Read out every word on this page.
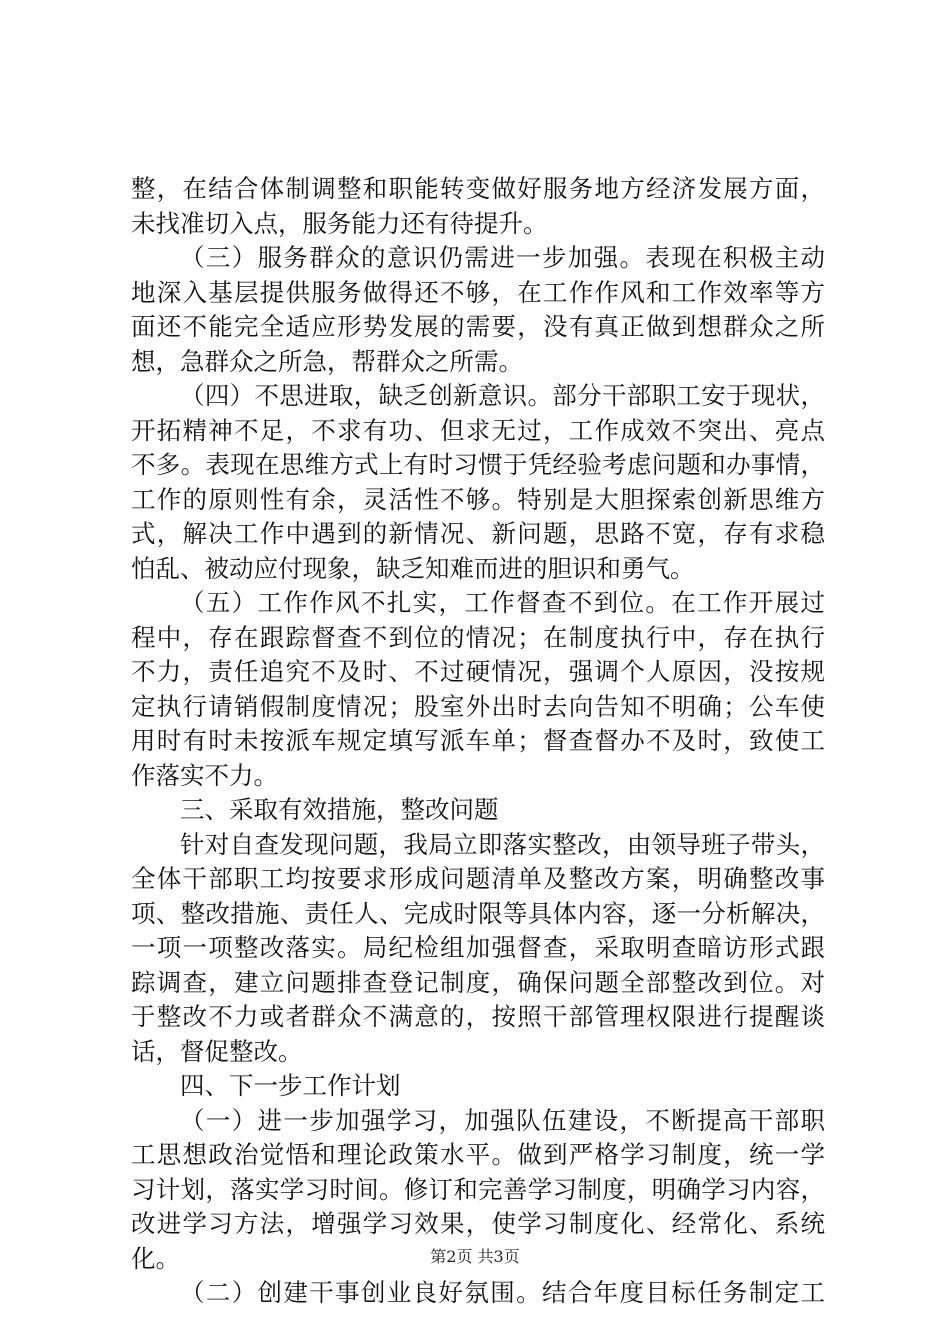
整，在结合体制调整和职能转变做好服务地方经济发展方面，
未找准切入点，服务能力还有待提升。
（三）服务群众的意识仍需进一步加强。表现在积极主动
地深入基层提供服务做得还不够，在工作作风和工作效率等方
面还不能完全适应形势发展的需要，没有真正做到想群众之所
想，急群众之所急，帮群众之所需。
（四）不思进取，缺乏创新意识。部分干部职工安于现状，
开拓精神不足，不求有功、但求无过，工作成效不突出、亮点
不多。表现在思维方式上有时习惯于凭经验考虑问题和办事情，
工作的原则性有余，灵活性不够。特别是大胆探索创新思维方
式，解决工作中遇到的新情况、新问题，思路不宽，存有求稳
怕乱、被动应付现象，缺乏知难而进的胆识和勇气。
（五）工作作风不扎实，工作督查不到位。在工作开展过
程中，存在跟踪督查不到位的情况；在制度执行中，存在执行
不力，责任追究不及时、不过硬情况，强调个人原因，没按规
定执行请销假制度情况；股室外出时去向告知不明确；公车使
用时有时未按派车规定填写派车单；督查督办不及时，致使工
作落实不力。
三、采取有效措施，整改问题
针对自查发现问题，我局立即落实整改，由领导班子带头，
全体干部职工均按要求形成问题清单及整改方案，明确整改事
项、整改措施、责任人、完成时限等具体内容，逐一分析解决，
一项一项整改落实。局纪检组加强督查，采取明查暗访形式跟
踪调查，建立问题排查登记制度，确保问题全部整改到位。对
于整改不力或者群众不满意的，按照干部管理权限进行提醒谈
话，督促整改。
四、下一步工作计划
（一）进一步加强学习，加强队伍建设，不断提高干部职
工思想政治觉悟和理论政策水平。做到严格学习制度，统一学
习计划，落实学习时间。修订和完善学习制度，明确学习内容，
改进学习方法，增强学习效果，使学习制度化、经常化、系统
化。
（二）创建干事创业良好氛围。结合年度目标任务制定工
第2页 共3页
